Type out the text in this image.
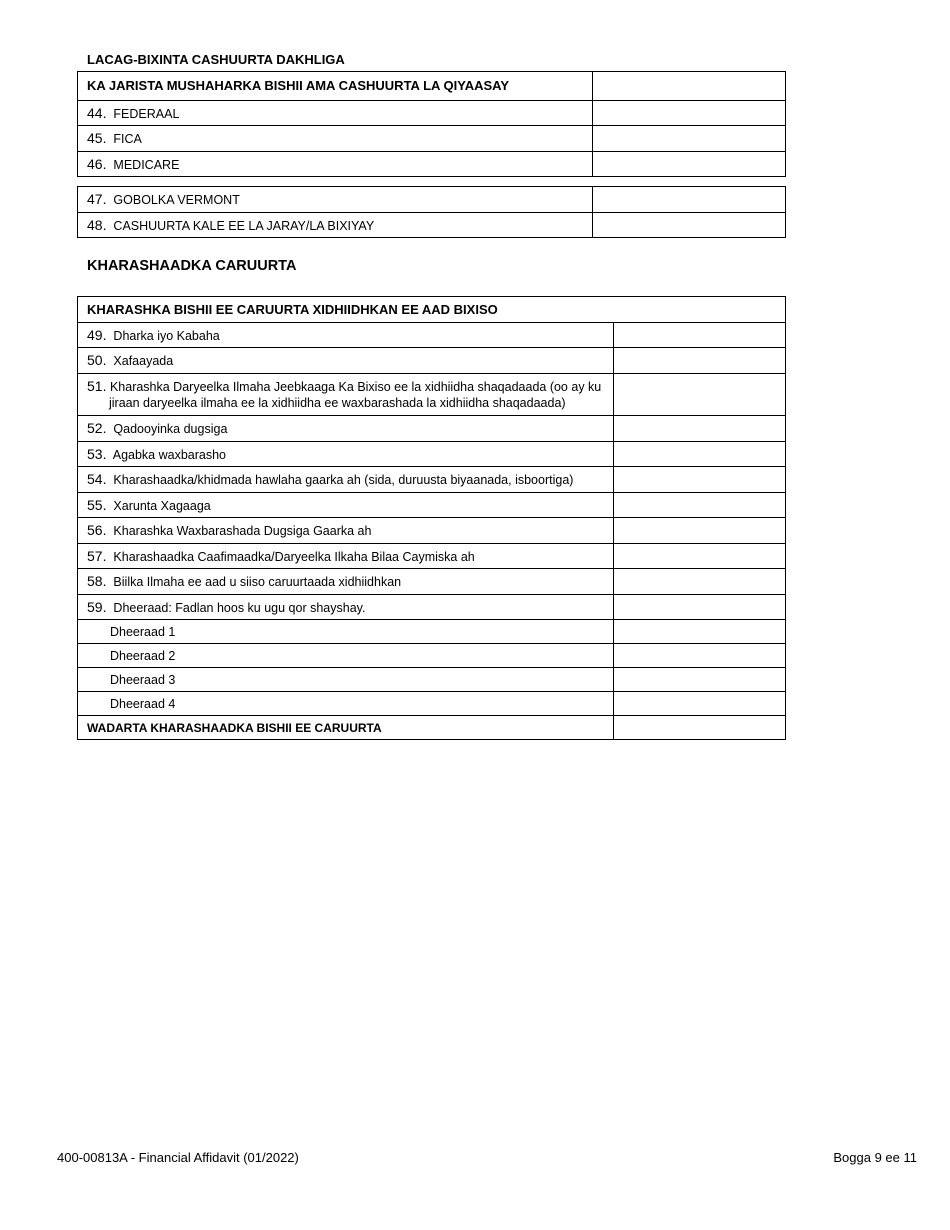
LACAG-BIXINTA CASHUURTA DAKHLIGA
KA JARISTA MUSHAHARKA BISHII AMA CASHUURTA LA QIYAASAY	
44. FEDERAAL	
45. FICA	
46. MEDICARE	
47. GOBOLKA VERMONT	
48. CASHUURTA KALE EE LA JARAY/LA BIXIYAY	
KHARASHAADKA CARUURTA
KHARASHKA BISHII EE CARUURTA XIDHIIDHKAN EE AAD BIXISO	
49. Dharka iyo Kabaha	
50. Xafaayada	

51. Kharashka Daryeelka Ilmaha Jeebkaaga Ka Bixiso ee la xidhiidha shaqadaada (oo ay ku
jiraan daryeelka ilmaha ee la xidhiidha ee waxbarashada la xidhiidha shaqadaada)	

52. Qadooyinka dugsiga	
53. Agabka waxbarasho	
54. Kharashaadka/khidmada hawlaha gaarka ah (sida, duruusta biyaanada, isboortiga)	
55. Xarunta Xagaaga	
56. Kharashka Waxbarashada Dugsiga Gaarka ah	
57. Kharashaadka Caafimaadka/Daryeelka Ilkaha Bilaa Caymiska ah	
58. Biilka Ilmaha ee aad u siiso caruurtaada xidhiidhkan	
59. Dheeraad: Fadlan hoos ku ugu qor shayshay.	
Dheeraad 1	
Dheeraad 2	
Dheeraad 3	
Dheeraad 4	
WADARTA KHARASHAADKA BISHII EE CARUURTA	
400-00813A - Financial Affidavit (01/2022)	Bogga 9 ee 11
